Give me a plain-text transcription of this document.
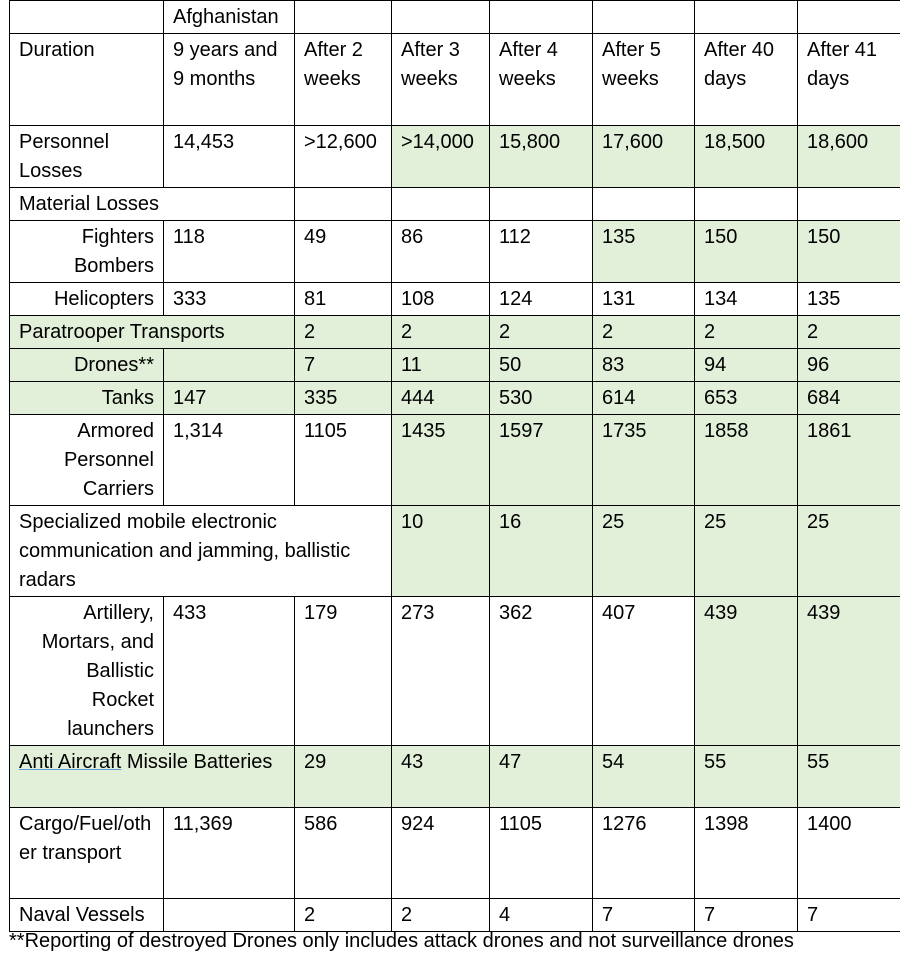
	Afghanistan						
Duration	9 years and 9 months	After 2 weeks	After 3 weeks	After 4 weeks	After 5 weeks	After 40 days	After 41 days
Personnel Losses	14,453	>12,600	>14,000	15,800	17,600	18,500	18,600
Material Losses							
Fighters Bombers	118	49	86	112	135	150	150
Helicopters	333	81	108	124	131	134	135
Paratrooper Transports		2	2	2	2	2	2
Drones**		7	11	50	83	94	96
Tanks	147	335	444	530	614	653	684
Armored Personnel Carriers	1,314	1105	1435	1597	1735	1858	1861
Specialized mobile electronic communication and jamming, ballistic radars			10	16	25	25	25
Artillery, Mortars, and Ballistic Rocket launchers	433	179	273	362	407	439	439
Anti Aircraft Missile Batteries		29	43	47	54	55	55
Cargo/Fuel/other transport	11,369	586	924	1105	1276	1398	1400
Naval Vessels		2	2	4	7	7	7
**Reporting of destroyed Drones only includes attack drones and not surveillance drones
